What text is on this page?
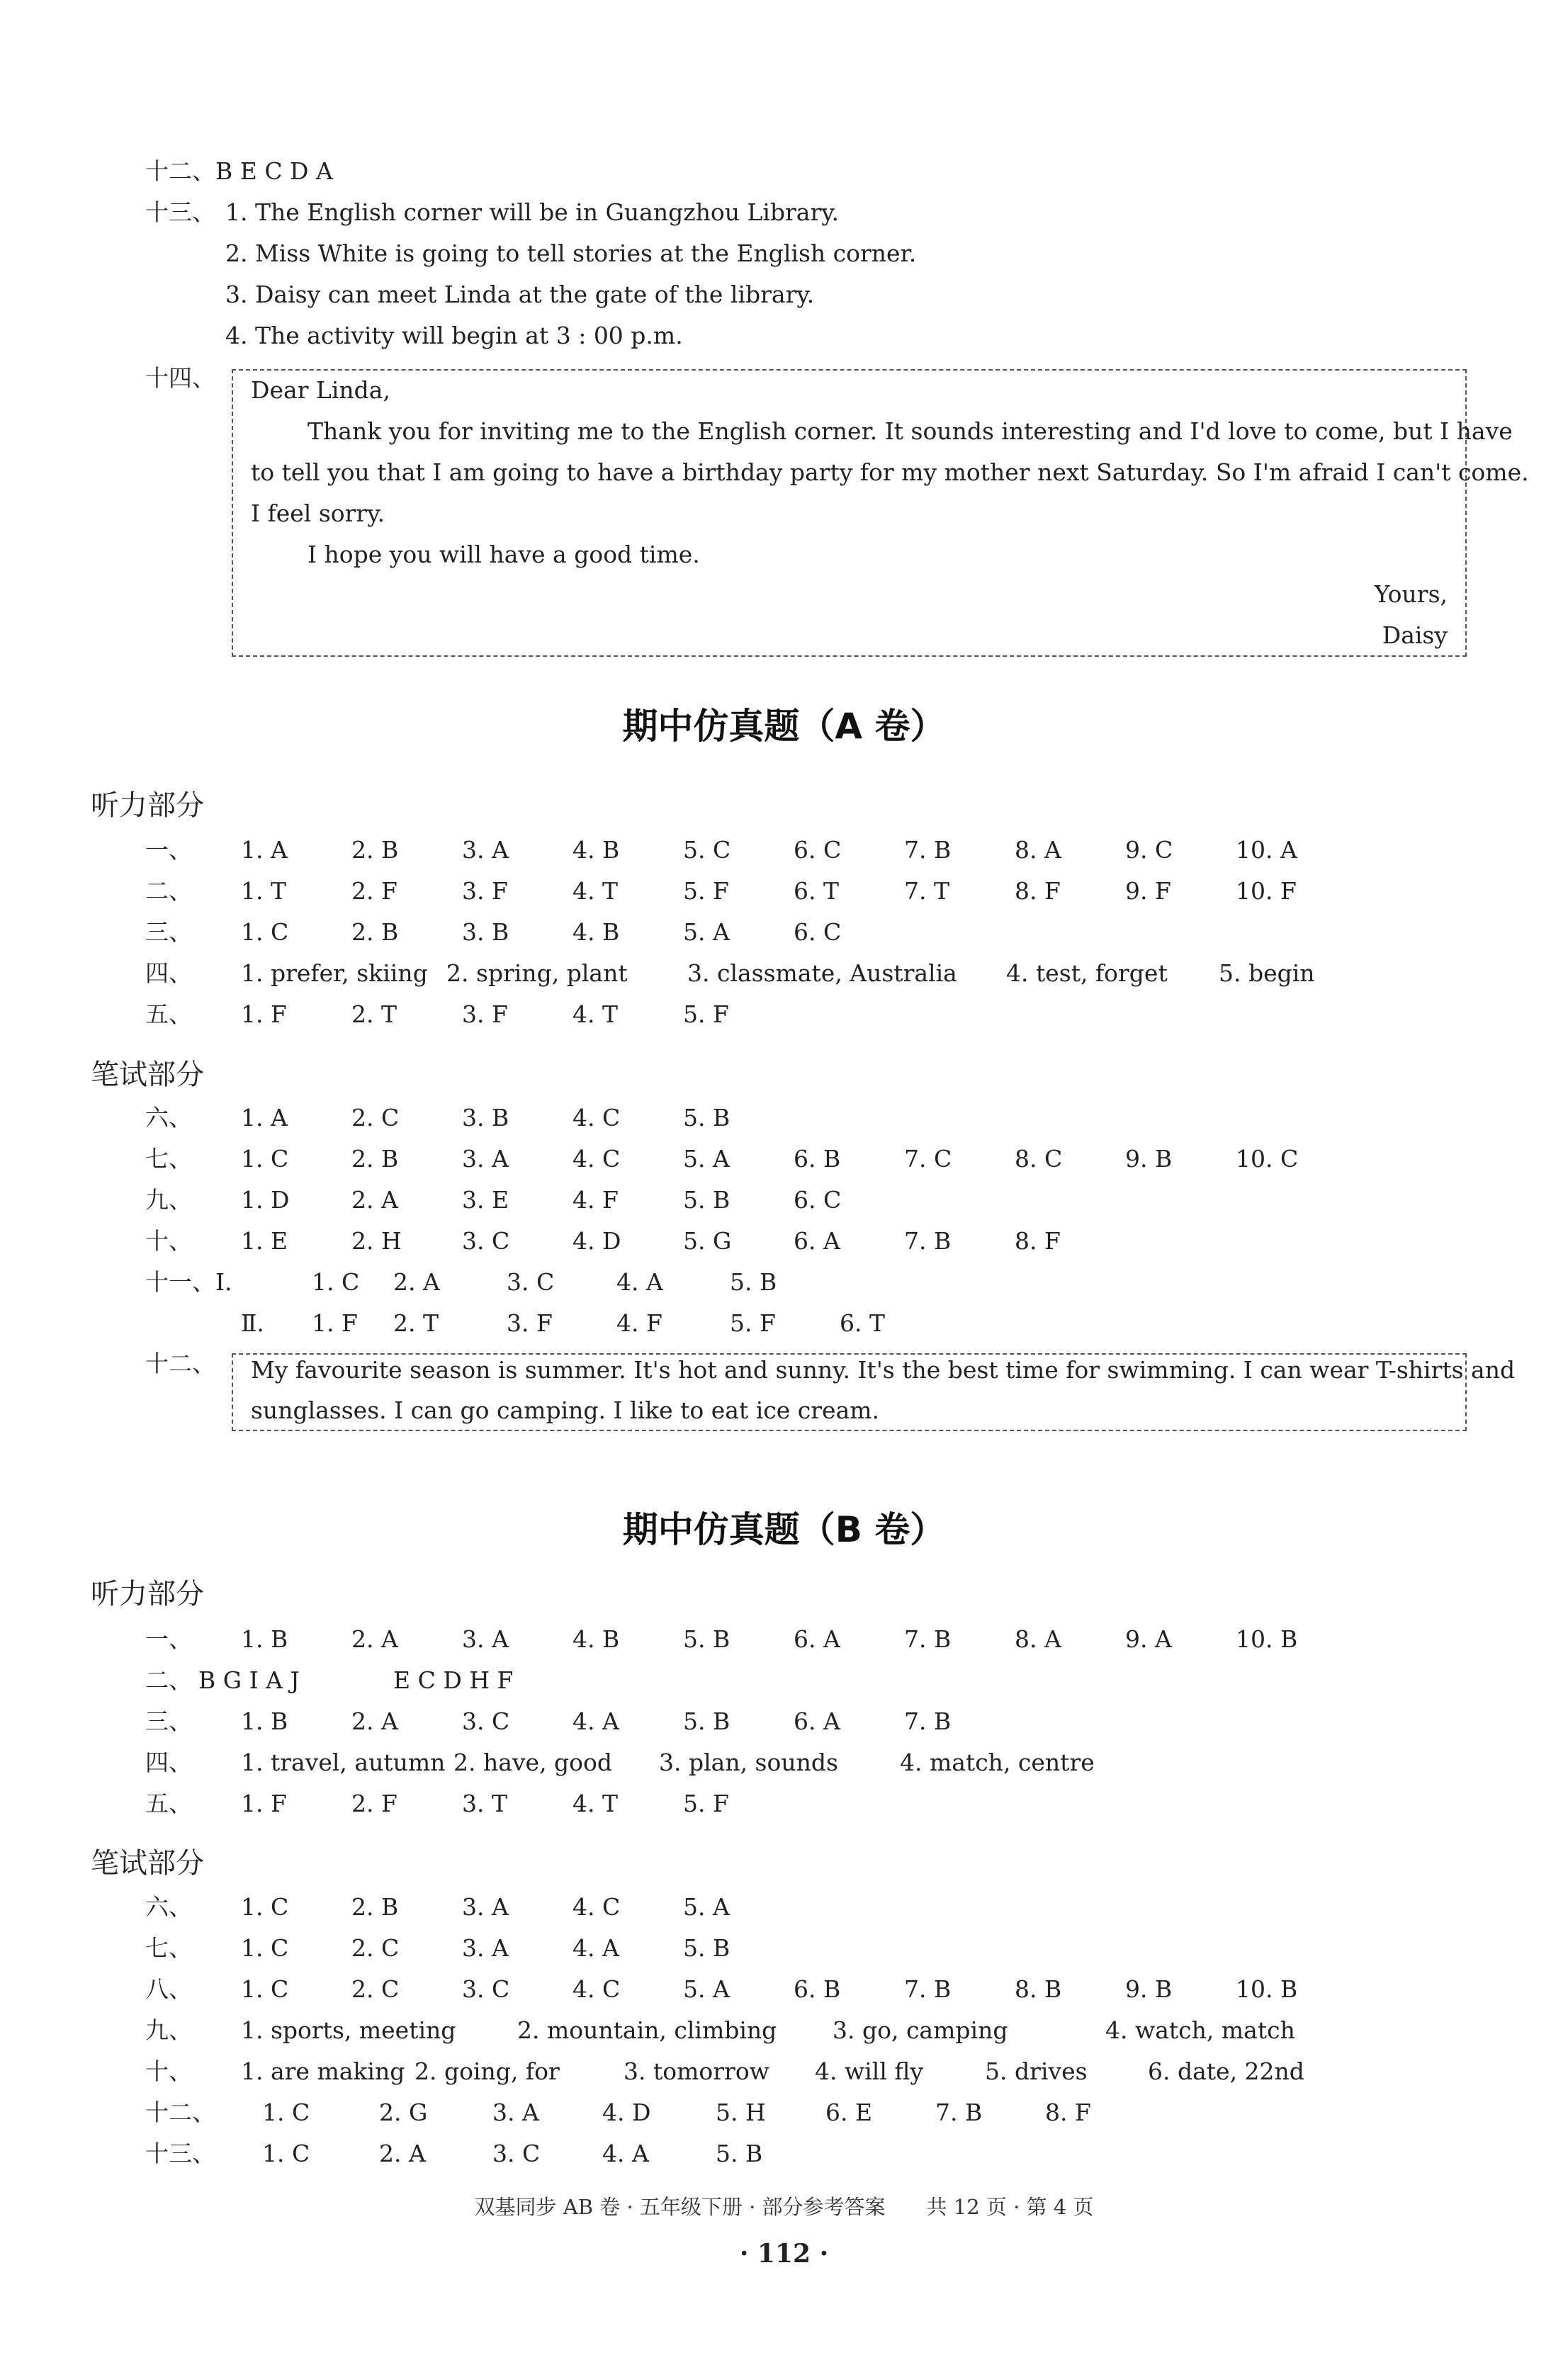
十二、B E C D A
十三、 1. The English corner will be in Guangzhou Library.
2. Miss White is going to tell stories at the English corner.
3. Daisy can meet Linda at the gate of the library.
4. The activity will begin at 3 : 00 p.m.
十四、 Dear Linda,
Thank you for inviting me to the English corner. It sounds interesting and I'd love to come, but I have
to tell you that I am going to have a birthday party for my mother next Saturday. So I'm afraid I can't come.
I feel sorry.
I hope you will have a good time.
Yours,
Daisy
期中仿真题（A 卷）
听力部分
一、 1. A	2. B	3. A	4. B	5. C	6. C	7. B	8. A	9. C	10. A
二、 1. T	2. F	3. F	4. T	5. F	6. T	7. T	8. F	9. F	10. F
三、 1. C	2. B	3. B	4. B	5. A	6. C
四、 1. prefer, skiing 2. spring, plant	3. classmate, Australia 4. test, forget 5. begin
五、 1. F	2. T	3. F	4. T	5. F
笔试部分
六、 1. A	2. C	3. B	4. C	5. B
七、 1. C	2. B	3. A	4. C	5. A	6. B	7. C	8. C	9. B	10. C
九、 1. D	2. A	3. E	4. F	5. B	6. C
十、 1. E	2. H	3. C	4. D	5. G	6. A	7. B	8. F
十一、Ⅰ.	1. C 2. A	3. C	4. A	5. B
Ⅱ. 1. F 2. T	3. F	4. F	5. F	6. T
十二、 My favourite season is summer. It's hot and sunny. It's the best time for swimming. I can wear T-shirts and
sunglasses. I can go camping. I like to eat ice cream.
期中仿真题（B 卷）
听力部分
一、 1. B	2. A	3. A	4. B	5. B	6. A	7. B	8. A	9. A	10. B
二、 B G I A J	E C D H F
三、 1. B	2. A	3. C	4. A	5. B	6. A	7. B
四、 1. travel, autumn 2. have, good 3. plan, sounds	4. match, centre
五、 1. F	2. F	3. T	4. T	5. F
笔试部分
六、 1. C	2. B	3. A	4. C	5. A
七、 1. C	2. C	3. A	4. A	5. B
八、 1. C	2. C	3. C	4. C	5. A	6. B	7. B	8. B	9. B	10. B
九、 1. sports, meeting	2. mountain, climbing 3. go, camping	4. watch, match
十、 1. are making 2. going, for	3. tomorrow 4. will fly	5. drives	6. date, 22nd
十二、 1. C	2. G	3. A	4. D	5. H	6. E	7. B	8. F
十三、 1. C	2. A	3. C	4. A	5. B
双基同步 AB 卷 · 五年级下册 · 部分参考答案　　共 12 页 · 第 4 页
· 112 ·
